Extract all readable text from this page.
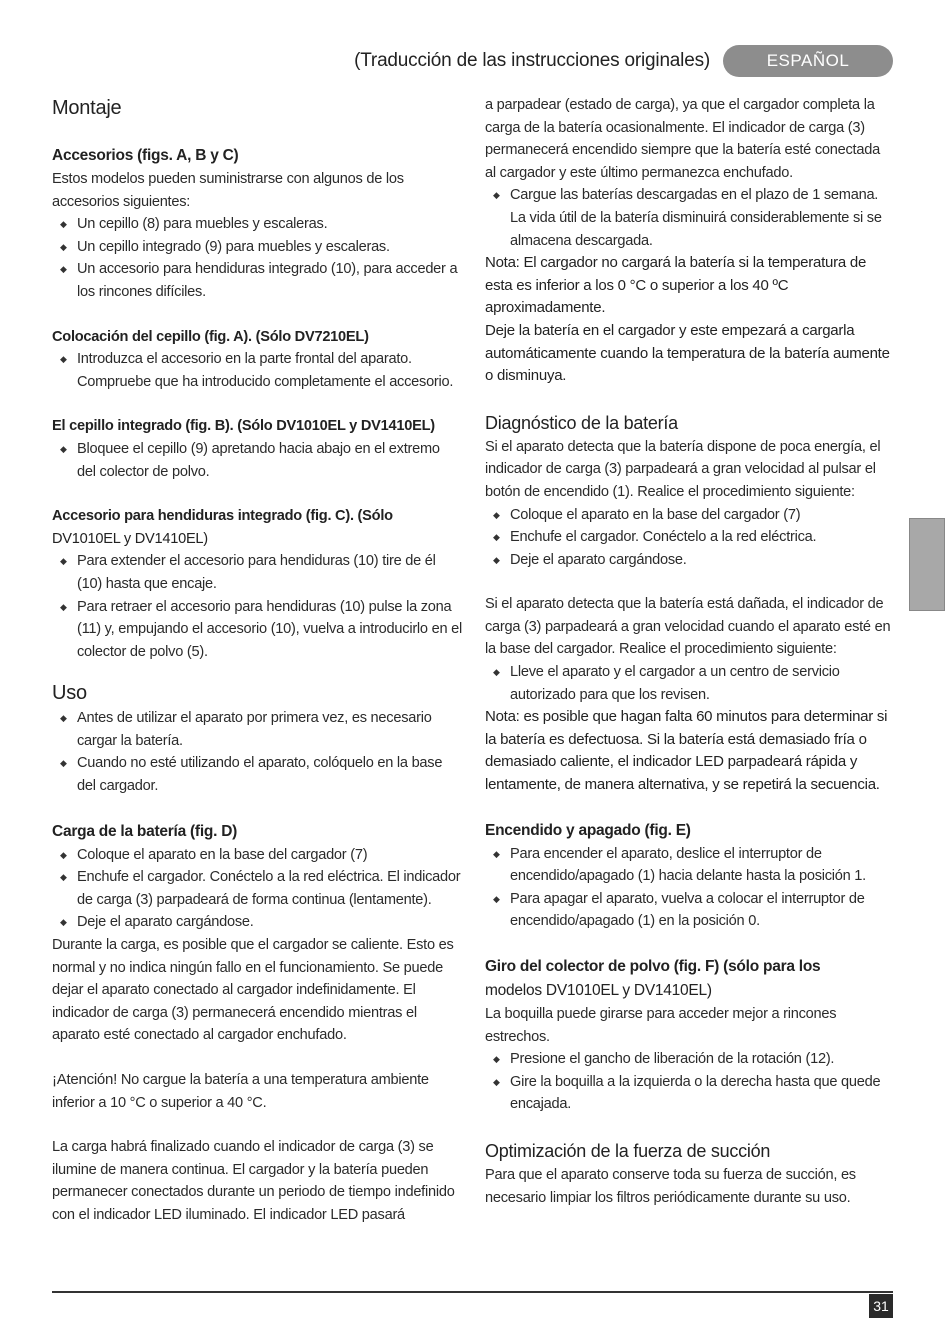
(Traducción de las instrucciones originales)	ESPAÑOL
Montaje
Accesorios (figs. A, B y C)

Estos modelos pueden suministrarse con algunos de los accesorios siguientes:

◆ Un cepillo (8) para muebles y escaleras.
◆ Un cepillo integrado (9) para muebles y escaleras.
◆ Un accesorio para hendiduras integrado (10), para acceder a los rincones difíciles.
Colocación del cepillo (fig. A). (Sólo DV7210EL)
◆ Introduzca el accesorio en la parte frontal del aparato. Compruebe que ha introducido completamente el accesorio.
El cepillo integrado (fig. B). (Sólo DV1010EL y DV1410EL)
◆ Bloquee el cepillo (9) apretando hacia abajo en el extremo del colector de polvo.
Accesorio para hendiduras integrado (fig. C). (Sólo
DV1010EL y DV1410EL)
◆ Para extender el accesorio para hendiduras (10) tire de él (10) hasta que encaje.
◆ Para retraer el accesorio para hendiduras (10) pulse la zona (11) y, empujando el accesorio (10), vuelva a introducirlo en el colector de polvo (5).
Uso
◆ Antes de utilizar el aparato por primera vez, es necesario cargar la batería.
◆ Cuando no esté utilizando el aparato, colóquelo en la base del cargador.
Carga de la batería (fig. D)
◆ Coloque el aparato en la base del cargador (7)
◆ Enchufe el cargador. Conéctelo a la red eléctrica. El indicador de carga (3) parpadeará de forma continua (lentamente).
◆ Deje el aparato cargándose.

Durante la carga, es posible que el cargador se caliente. Esto es normal y no indica ningún fallo en el funcionamiento. Se puede dejar el aparato conectado al cargador indefinidamente. El indicador de carga (3) permanecerá encendido mientras el aparato esté conectado al cargador enchufado.

¡Atención! No cargue la batería a una temperatura ambiente inferior a 10 °C o superior a 40 °C.

La carga habrá finalizado cuando el indicador de carga (3) se ilumine de manera continua. El cargador y la batería pueden permanecer conectados durante un periodo de tiempo indefinido con el indicador LED iluminado. El indicador LED pasará

a parpadear (estado de carga), ya que el cargador completa la carga de la batería ocasionalmente. El indicador de carga (3) permanecerá encendido siempre que la batería esté conectada al cargador y este último permanezca enchufado.

◆ Cargue las baterías descargadas en el plazo de 1 semana. La vida útil de la batería disminuirá considerablemente si se almacena descargada.

Nota: El cargador no cargará la batería si la temperatura de esta es inferior a los 0 °C o superior a los 40 ºC aproximadamente.

Deje la batería en el cargador y este empezará a cargarla automáticamente cuando la temperatura de la batería aumente o disminuya.

Diagnóstico de la batería

Si el aparato detecta que la batería dispone de poca energía, el indicador de carga (3) parpadeará a gran velocidad al pulsar el botón de encendido (1). Realice el procedimiento siguiente:

◆ Coloque el aparato en la base del cargador (7)
◆ Enchufe el cargador. Conéctelo a la red eléctrica.
◆ Deje el aparato cargándose.

Si el aparato detecta que la batería está dañada, el indicador de carga (3) parpadeará a gran velocidad cuando el aparato esté en la base del cargador. Realice el procedimiento siguiente:

◆ Lleve el aparato y el cargador a un centro de servicio autorizado para que los revisen.

Nota: es posible que hagan falta 60 minutos para determinar si la batería es defectuosa. Si la batería está demasiado fría o demasiado caliente, el indicador LED parpadeará rápida y lentamente, de manera alternativa, y se repetirá la secuencia.

Encendido y apagado (fig. E)
◆ Para encender el aparato, deslice el interruptor de encendido/apagado (1) hacia delante hasta la posición 1.
◆ Para apagar el aparato, vuelva a colocar el interruptor de encendido/apagado (1) en la posición 0.
Giro del colector de polvo (fig. F) (sólo para los
modelos DV1010EL y DV1410EL)

La boquilla puede girarse para acceder mejor a rincones estrechos.

◆ Presione el gancho de liberación de la rotación (12).
◆ Gire la boquilla a la izquierda o la derecha hasta que quede encajada.

Optimización de la fuerza de succión

Para que el aparato conserve toda su fuerza de succión, es necesario limpiar los filtros periódicamente durante su uso.

31
